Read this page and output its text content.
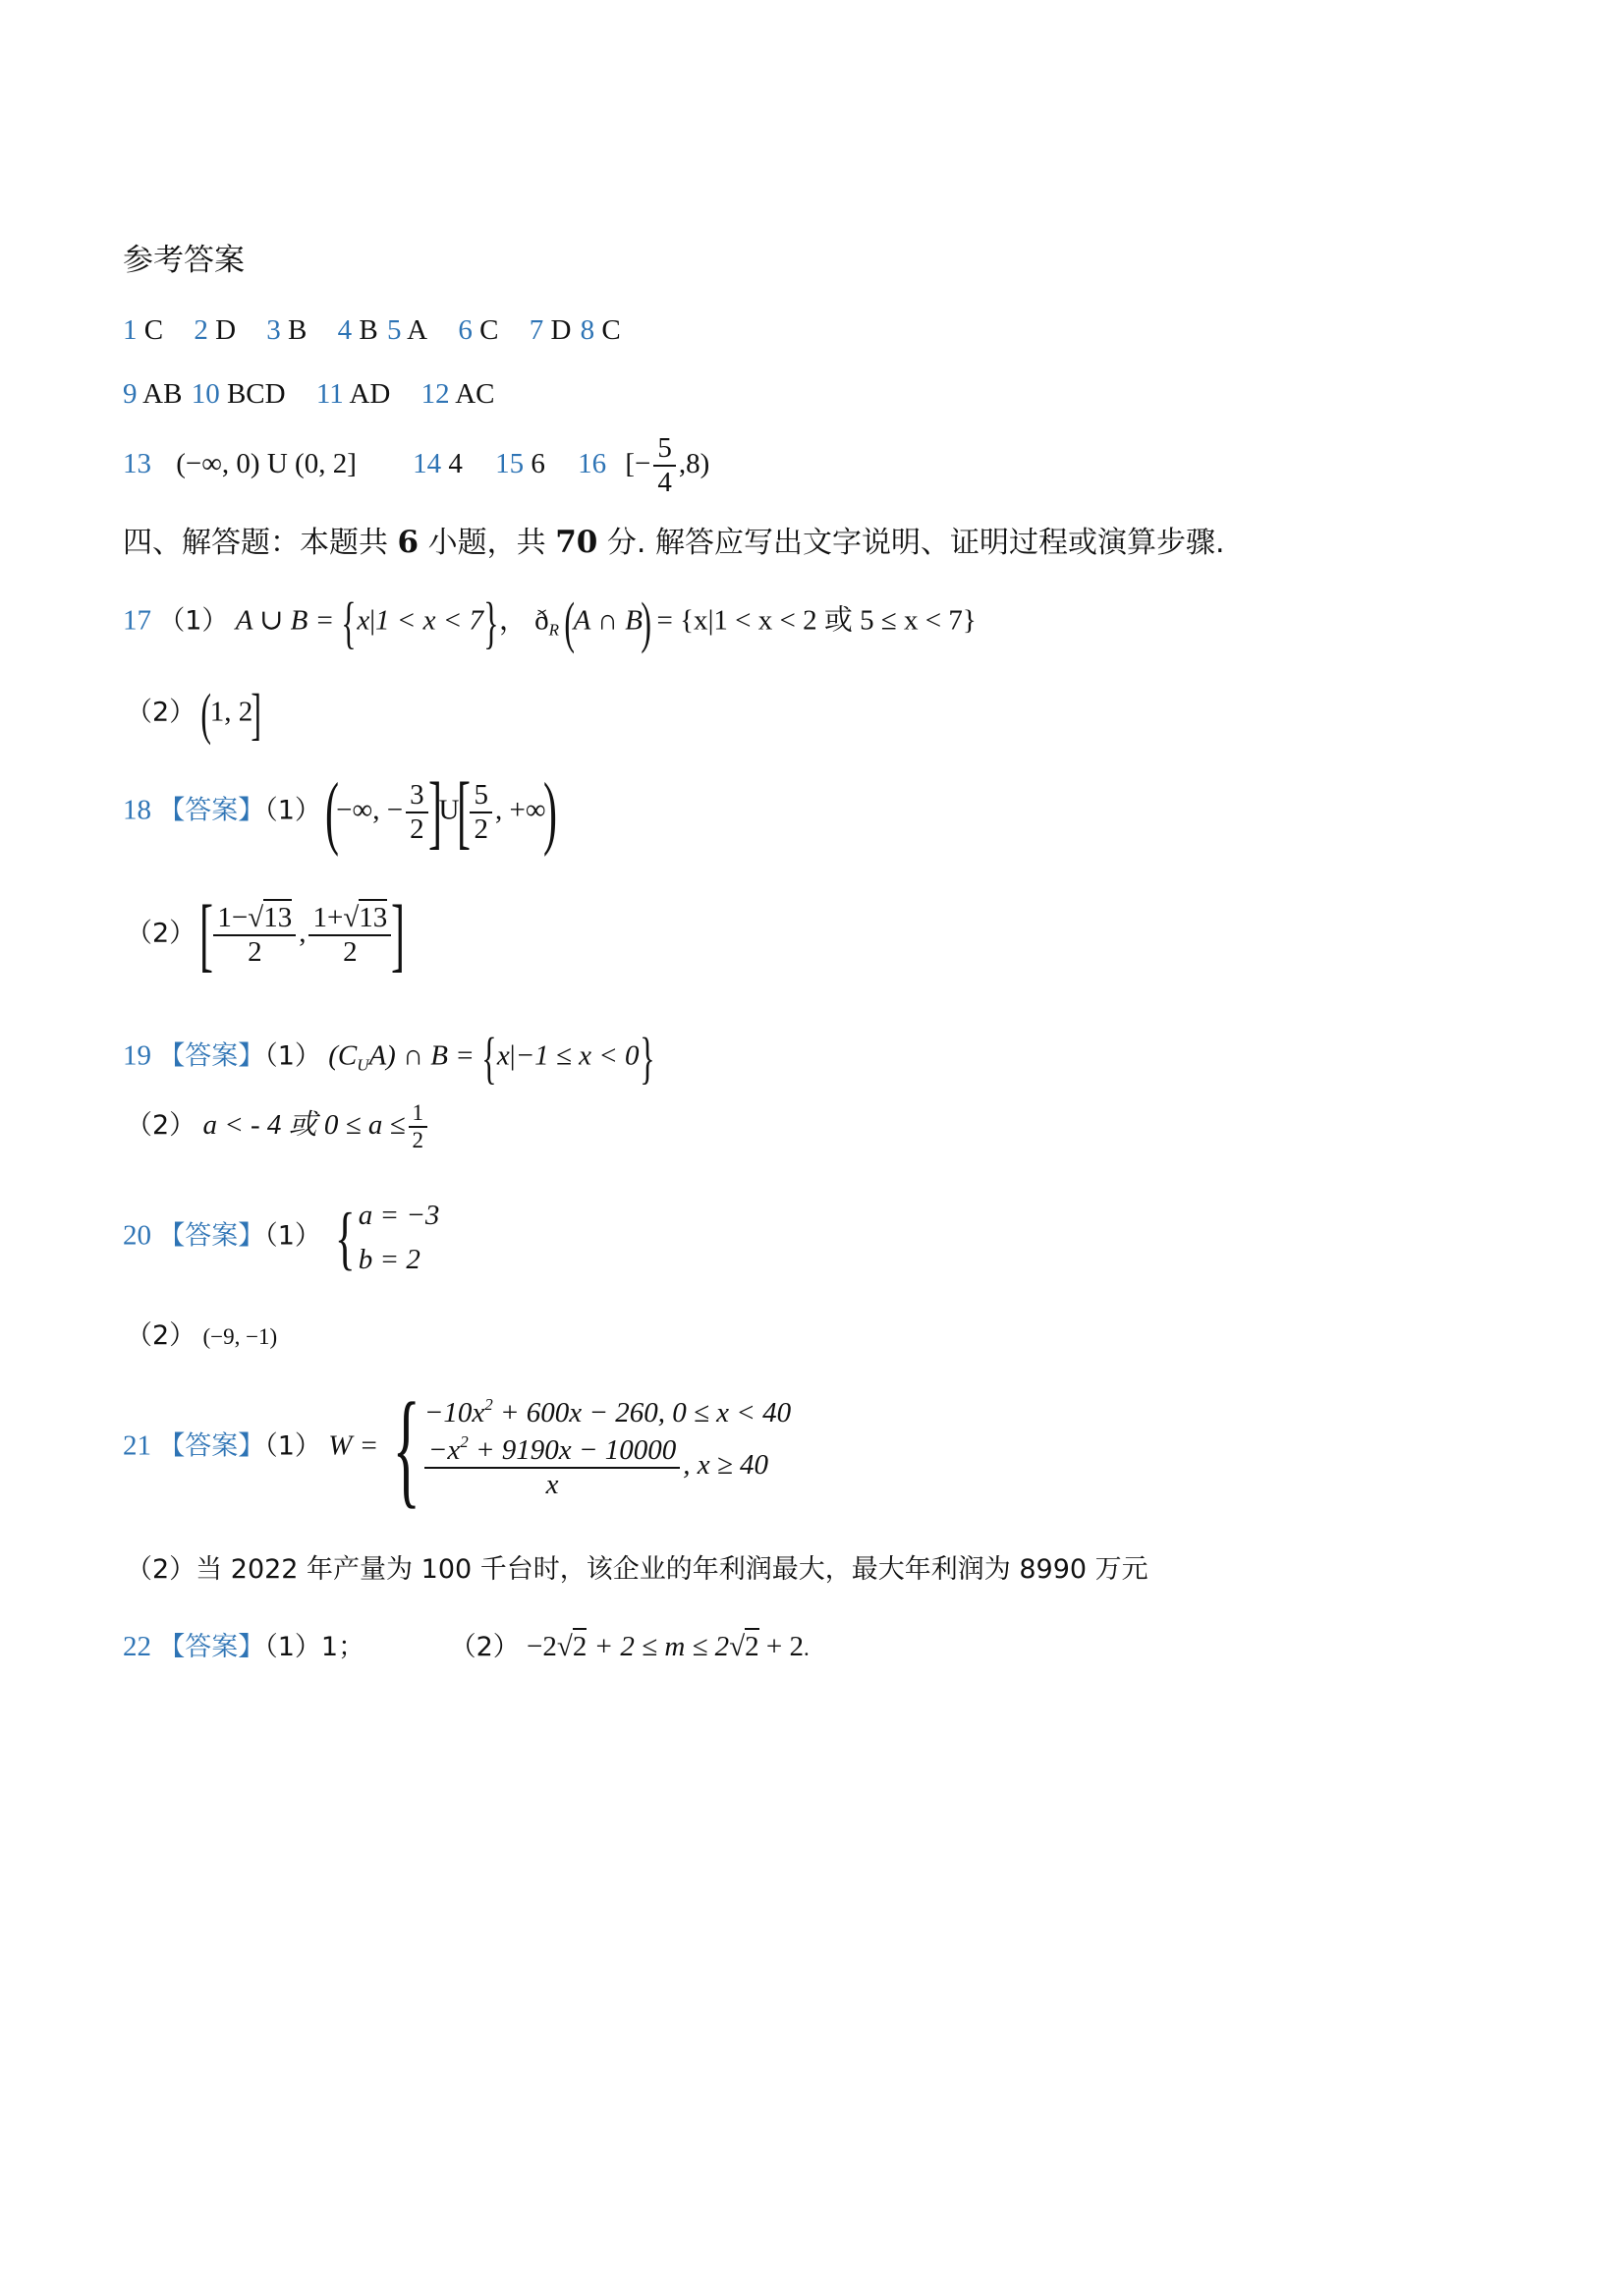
参考答案
1 C 2 D 3 B 4 B 5 A 6 C 7 D 8 C
9 AB 10 BCD 11 AD 12 AC
13 (−∞, 0) U (0, 2] 14 4 15 6 16 [− $\frac{5}{4} ,8$)
四、解答题：本题共 6 小题，共 70 分. 解答应写出文字说明、证明过程或演算步骤.
17 （1） A ∪ B = {x|1 < x < 7}， $ð_R$ (A ∩ B) = {x|1 < x < 2 或 5 ≤ x < 7}
（2） (1, 2]
18 【答案】（1） (−∞, − $\frac{3}{2} ]U[ \frac{5}{2}$ , +∞)
（2） [ $\frac{1-√13}{2}$ , $\frac{1+√13}{2}$ ]
19 【答案】（1） $(C_UA)$ ∩ B = {x|−1 ≤ x < 0}
（2） a < - 4 或 $0 \le a \le \frac{1}{2}$
20 【答案】（1） { a = −3
b = 2
（2） (−9, −1)
21 【答案】（1） W = { $-10x^2 + 600x - 260$, 0 ≤ x < 40
$\frac{-x^2 + 9190x - 10000}{x}$ , x ≥ 40
（2）当 2022 年产量为 100 千台时，该企业的年利润最大，最大年利润为 8990 万元
22 【答案】（1）1；	（2） −2√2 + 2 ≤ m ≤ 2√2 + 2.
